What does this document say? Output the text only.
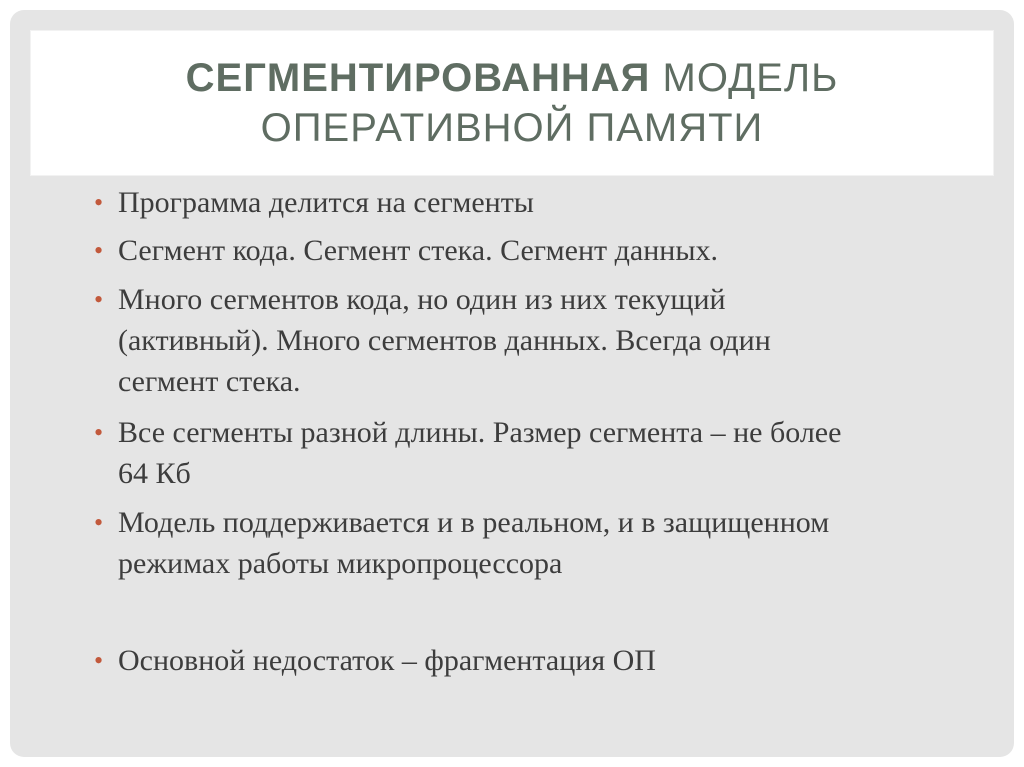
СЕГМЕНТИРОВАННАЯ МОДЕЛЬ
ОПЕРАТИВНОЙ ПАМЯТИ
• Программа делится на сегменты
• Сегмент кода. Сегмент стека. Сегмент данных.
• Много сегментов кода, но один из них текущий
(активный). Много сегментов данных. Всегда один
сегмент стека.
• Все сегменты разной длины. Размер сегмента – не более
64 Кб
• Модель поддерживается и в реальном, и в защищенном
режимах работы микропроцессора
• Основной недостаток – фрагментация ОП
